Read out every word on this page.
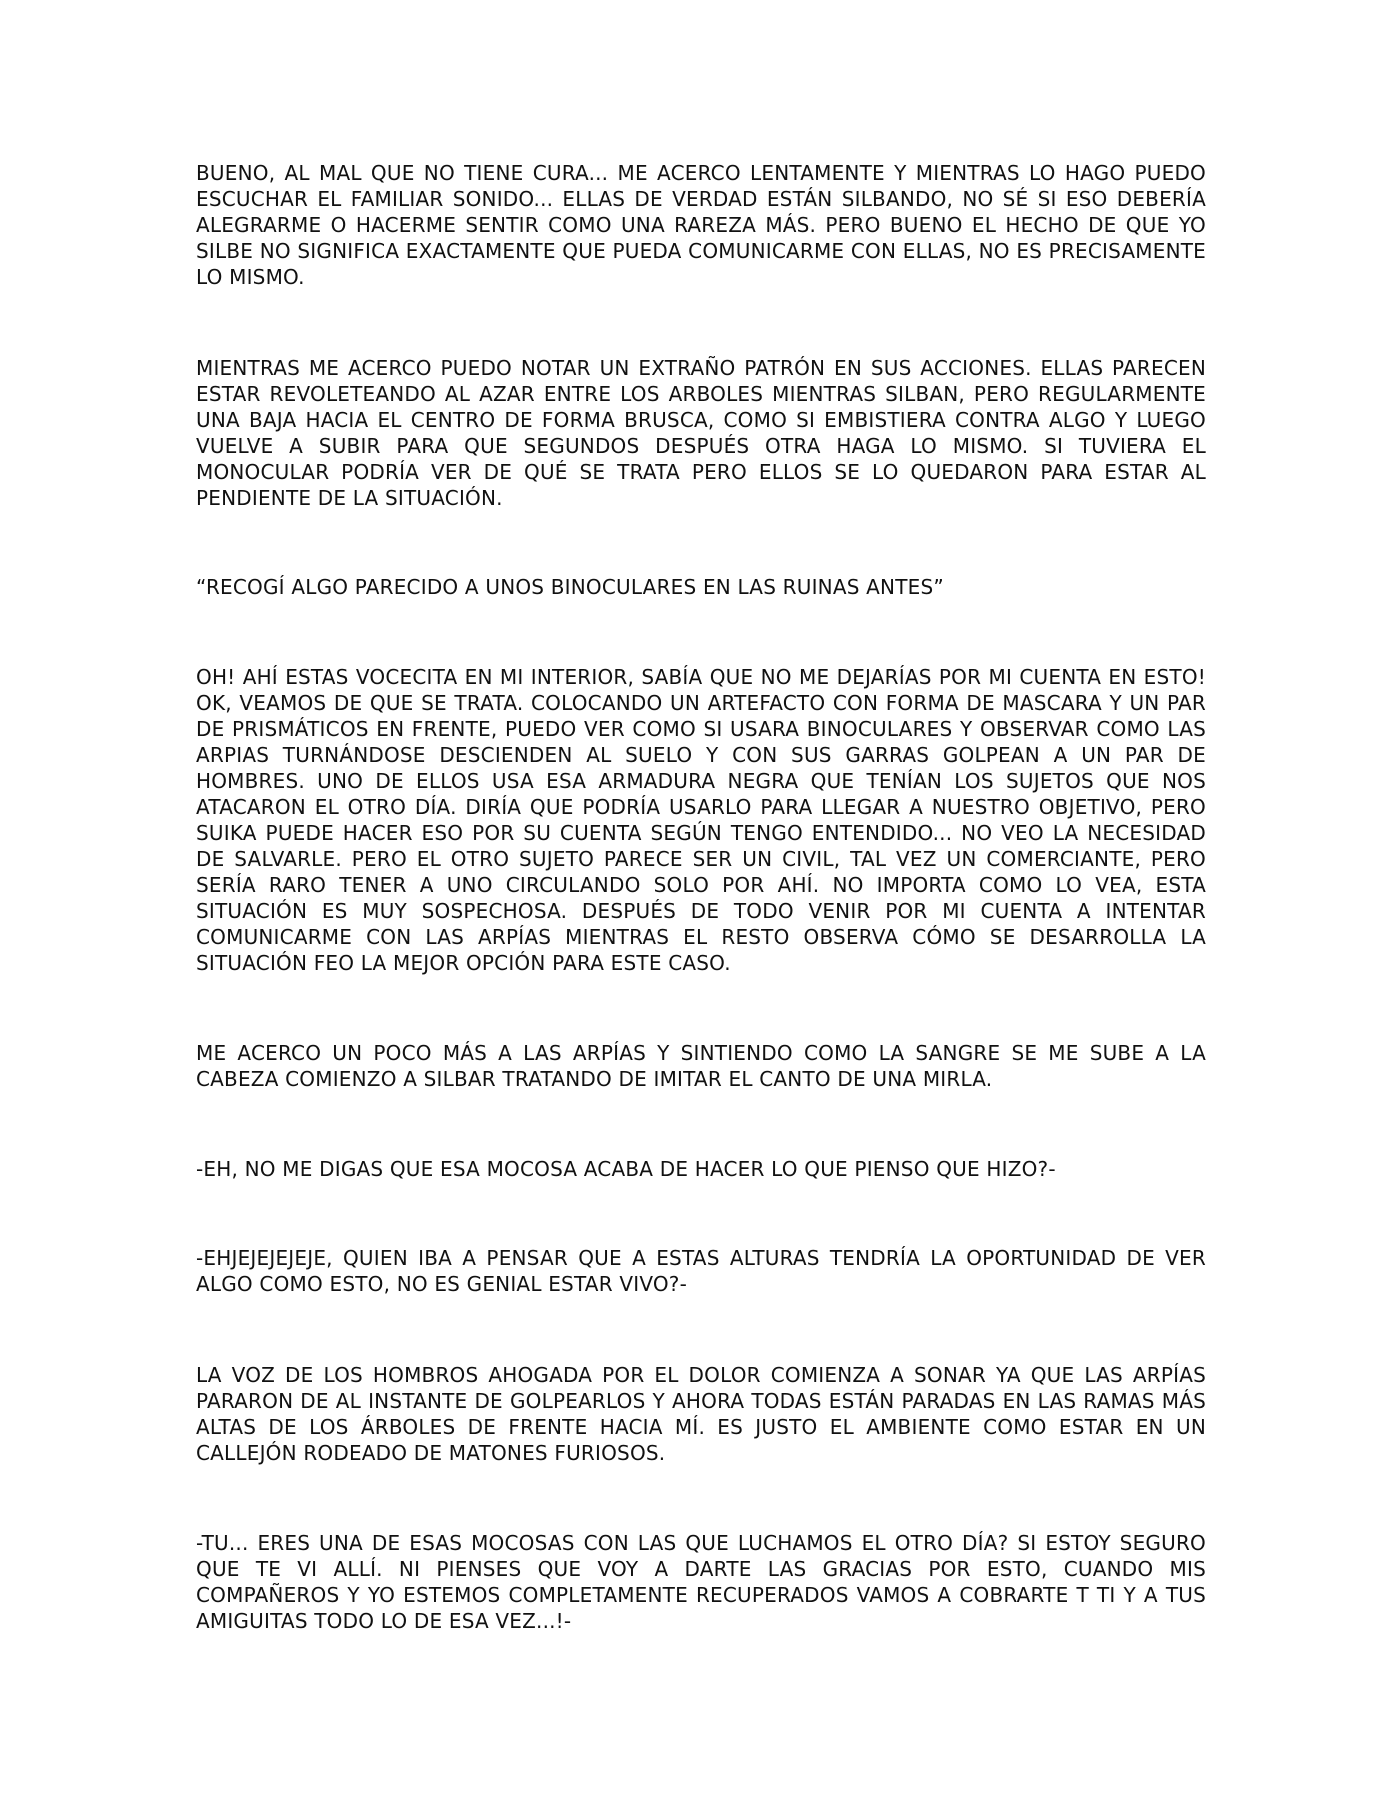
BUENO, AL MAL QUE NO TIENE CURA... ME ACERCO LENTAMENTE Y MIENTRAS LO HAGO PUEDO ESCUCHAR EL FAMILIAR SONIDO... ELLAS DE VERDAD ESTÁN SILBANDO, NO SÉ SI ESO DEBERÍA ALEGRARME O HACERME SENTIR COMO UNA RAREZA MÁS. PERO BUENO EL HECHO DE QUE YO SILBE NO SIGNIFICA EXACTAMENTE QUE PUEDA COMUNICARME CON ELLAS, NO ES PRECISAMENTE LO MISMO.

MIENTRAS ME ACERCO PUEDO NOTAR UN EXTRAÑO PATRÓN EN SUS ACCIONES. ELLAS PARECEN ESTAR REVOLETEANDO AL AZAR ENTRE LOS ARBOLES MIENTRAS SILBAN, PERO REGULARMENTE UNA BAJA HACIA EL CENTRO DE FORMA BRUSCA, COMO SI EMBISTIERA CONTRA ALGO Y LUEGO VUELVE A SUBIR PARA QUE SEGUNDOS DESPUÉS OTRA HAGA LO MISMO. SI TUVIERA EL MONOCULAR PODRÍA VER DE QUÉ SE TRATA PERO ELLOS SE LO QUEDARON PARA ESTAR AL PENDIENTE DE LA SITUACIÓN.

“RECOGÍ ALGO PARECIDO A UNOS BINOCULARES EN LAS RUINAS ANTES”

OH! AHÍ ESTAS VOCECITA EN MI INTERIOR, SABÍA QUE NO ME DEJARÍAS POR MI CUENTA EN ESTO! OK, VEAMOS DE QUE SE TRATA. COLOCANDO UN ARTEFACTO CON FORMA DE MASCARA Y UN PAR DE PRISMÁTICOS EN FRENTE, PUEDO VER COMO SI USARA BINOCULARES Y OBSERVAR COMO LAS ARPIAS TURNÁNDOSE DESCIENDEN AL SUELO Y CON SUS GARRAS GOLPEAN A UN PAR DE HOMBRES. UNO DE ELLOS USA ESA ARMADURA NEGRA QUE TENÍAN LOS SUJETOS QUE NOS ATACARON EL OTRO DÍA. DIRÍA QUE PODRÍA USARLO PARA LLEGAR A NUESTRO OBJETIVO, PERO SUIKA PUEDE HACER ESO POR SU CUENTA SEGÚN TENGO ENTENDIDO... NO VEO LA NECESIDAD DE SALVARLE. PERO EL OTRO SUJETO PARECE SER UN CIVIL, TAL VEZ UN COMERCIANTE, PERO SERÍA RARO TENER A UNO CIRCULANDO SOLO POR AHÍ. NO IMPORTA COMO LO VEA, ESTA SITUACIÓN ES MUY SOSPECHOSA. DESPUÉS DE TODO VENIR POR MI CUENTA A INTENTAR COMUNICARME CON LAS ARPÍAS MIENTRAS EL RESTO OBSERVA CÓMO SE DESARROLLA LA SITUACIÓN FEO LA MEJOR OPCIÓN PARA ESTE CASO.

ME ACERCO UN POCO MÁS A LAS ARPÍAS Y SINTIENDO COMO LA SANGRE SE ME SUBE A LA CABEZA COMIENZO A SILBAR TRATANDO DE IMITAR EL CANTO DE UNA MIRLA.

-EH, NO ME DIGAS QUE ESA MOCOSA ACABA DE HACER LO QUE PIENSO QUE HIZO?-

-EHJEJEJEJEJE, QUIEN IBA A PENSAR QUE A ESTAS ALTURAS TENDRÍA LA OPORTUNIDAD DE VER ALGO COMO ESTO, NO ES GENIAL ESTAR VIVO?-

LA VOZ DE LOS HOMBROS AHOGADA POR EL DOLOR COMIENZA A SONAR YA QUE LAS ARPÍAS PARARON DE AL INSTANTE DE GOLPEARLOS Y AHORA TODAS ESTÁN PARADAS EN LAS RAMAS MÁS ALTAS DE LOS ÁRBOLES DE FRENTE HACIA MÍ. ES JUSTO EL AMBIENTE COMO ESTAR EN UN CALLEJÓN RODEADO DE MATONES FURIOSOS.

-TU... ERES UNA DE ESAS MOCOSAS CON LAS QUE LUCHAMOS EL OTRO DÍA? SI ESTOY SEGURO QUE TE VI ALLÍ. NI PIENSES QUE VOY A DARTE LAS GRACIAS POR ESTO, CUANDO MIS COMPAÑEROS Y YO ESTEMOS COMPLETAMENTE RECUPERADOS VAMOS A COBRARTE T TI Y A TUS AMIGUITAS TODO LO DE ESA VEZ...!-
